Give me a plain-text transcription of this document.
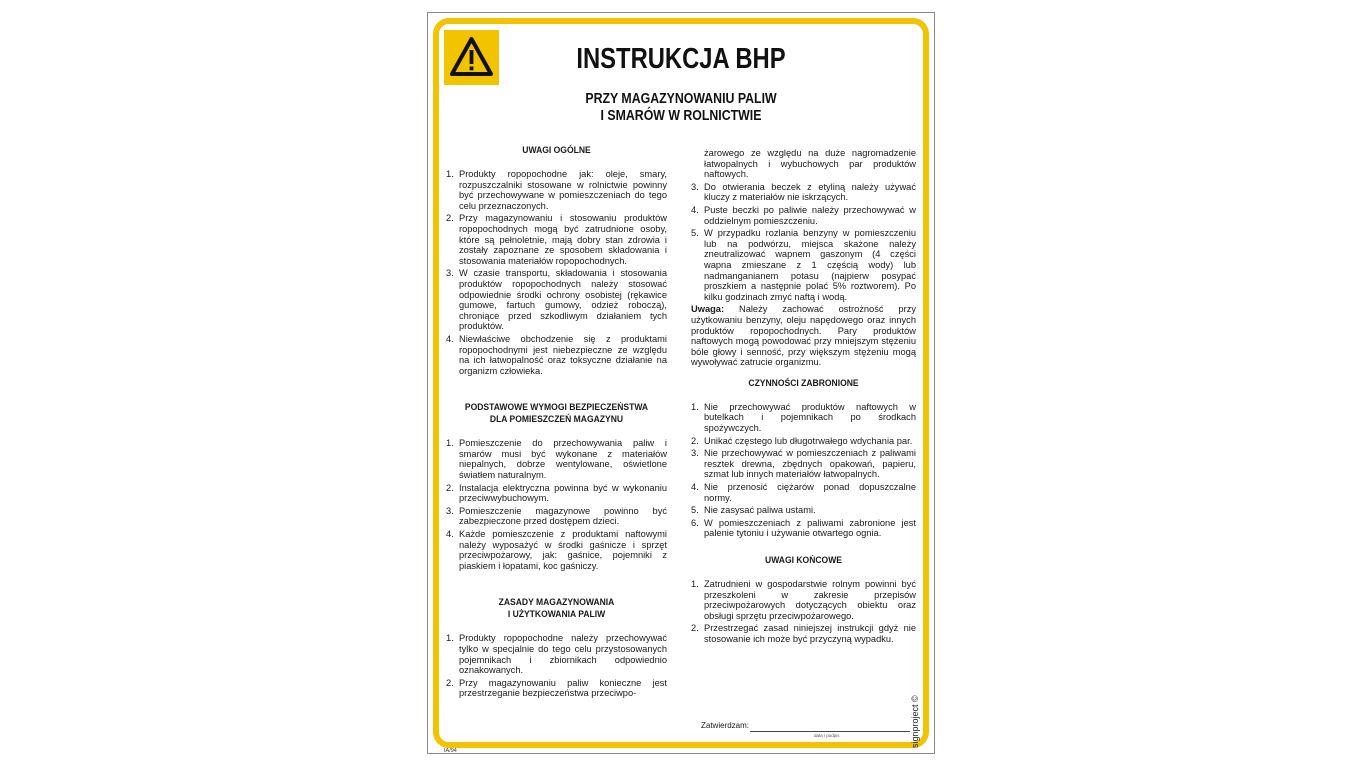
INSTRUKCJA BHP
PRZY MAGAZYNOWANIU PALIW
I SMARÓW W ROLNICTWIE
UWAGI OGÓLNE
1. Produkty ropopochodne jak: oleje, smary, rozpuszczalniki stosowane w rolnictwie powinny być przechowywane w pomieszczeniach do tego celu przeznaczonych.
2. Przy magazynowaniu i stosowaniu produktów ropopochodnych mogą być zatrudnione osoby, które są pełnoletnie, mają dobry stan zdrowia i zostały zapoznane ze sposobem składowania i stosowania materiałów ropopochodnych.
3. W czasie transportu, składowania i stosowania produktów ropopochodnych należy stosować odpowiednie środki ochrony osobistej (rękawice gumowe, fartuch gumowy, odzież roboczą), chroniące przed szkodliwym działaniem tych produktów.
4. Niewłaściwe obchodzenie się z produktami ropopochodnymi jest niebezpieczne ze względu na ich łatwopalność oraz toksyczne działanie na organizm człowieka.
PODSTAWOWE WYMOGI BEZPIECZEŃSTWA
DLA POMIESZCZEŃ MAGAZYNU
1. Pomieszczenie do przechowywania paliw i smarów musi być wykonane z materiałów niepalnych, dobrze wentylowane, oświetlone światłem naturalnym.
2. Instalacja elektryczna powinna być w wykonaniu przeciwwybuchowym.
3. Pomieszczenie magazynowe powinno być zabezpieczone przed dostępem dzieci.
4. Każde pomieszczenie z produktami naftowymi należy wyposażyć w środki gaśnicze i sprzęt przeciwpożarowy, jak: gaśnice, pojemniki z piaskiem i łopatami, koc gaśniczy.
ZASADY MAGAZYNOWANIA
I UŻYTKOWANIA PALIW
1. Produkty ropopochodne należy przechowywać tylko w specjalnie do tego celu przystosowanych pojemnikach i zbiornikach odpowiednio oznakowanych.
2. Przy magazynowaniu paliw konieczne jest przestrzeganie bezpieczeństwa przeciwpo-
żarowego ze względu na duże nagromadzenie łatwopalnych i wybuchowych par produktów naftowych.
3. Do otwierania beczek z etyliną należy używać kluczy z materiałów nie iskrzących.
4. Puste beczki po paliwie należy przechowywać w oddzielnym pomieszczeniu.
5. W przypadku rozlania benzyny w pomieszczeniu lub na podwórzu, miejsca skażone należy zneutralizować wapnem gaszonym (4 części wapna zmieszane z 1 częścią wody) lub nadmanganianem potasu (najpierw posypać proszkiem a następnie polać 5% roztworem). Po kilku godzinach zmyć naftą i wodą.
Uwaga: Należy zachować ostrożność przy użytkowaniu benzyny, oleju napędowego oraz innych produktów ropopochodnych. Pary produktów naftowych mogą powodować przy mniejszym stężeniu bóle głowy i senność, przy większym stężeniu mogą wywoływać zatrucie organizmu.
CZYNNOŚCI ZABRONIONE
1. Nie przechowywać produktów naftowych w butelkach i pojemnikach po środkach spożywczych.
2. Unikać częstego lub długotrwałego wdychania par.
3. Nie przechowywać w pomieszczeniach z paliwami resztek drewna, zbędnych opakowań, papieru, szmat lub innych materiałów łatwopalnych.
4. Nie przenosić ciężarów ponad dopuszczalne normy.
5. Nie zasysać paliwa ustami.
6. W pomieszczeniach z paliwami zabronione jest palenie tytoniu i używanie otwartego ognia.
UWAGI KOŃCOWE
1. Zatrudnieni w gospodarstwie rolnym powinni być przeszkoleni w zakresie przepisów przeciwpożarowych dotyczących obiektu oraz obsługi sprzętu przeciwpożarowego.
2. Przestrzegać zasad niniejszej instrukcji gdyż nie stosowanie ich może być przyczyną wypadku.
Zatwierdzam:
data i podpis
IA/94
signproject ©
